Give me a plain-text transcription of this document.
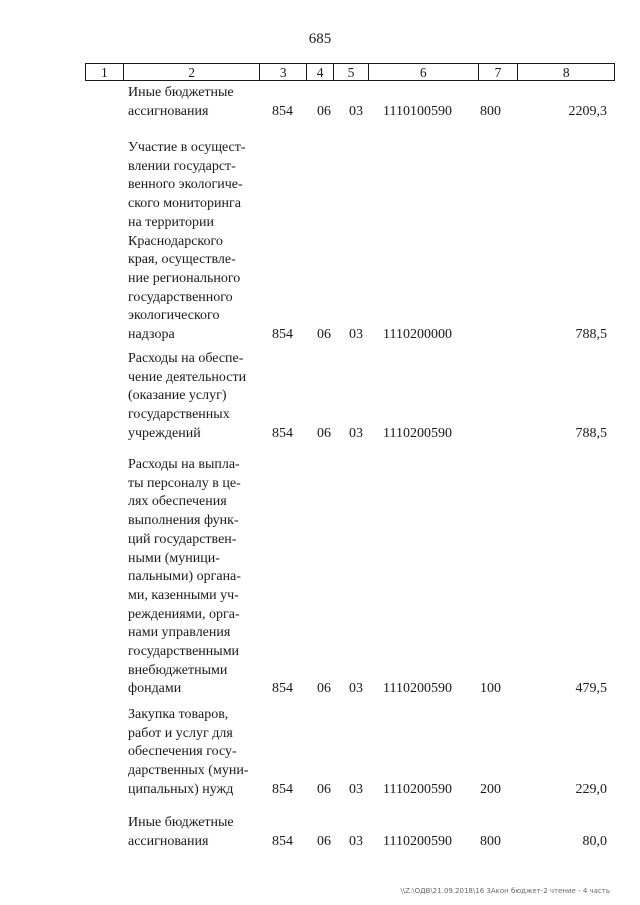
685
1	2	3	4	5	6	7	8
Иные бюджетные
ассигнования	854 06 03 1110100590 800	2209,3
Участие в осущест-
влении государст-
венного экологиче-
ского мониторинга
на территории
Краснодарского
края, осуществле-
ние регионального
государственного
экологического
надзора	854 06 03 1110200000	788,5
Расходы на обеспе-
чение деятельности
(оказание услуг)
государственных
учреждений	854 06 03 1110200590	788,5
Расходы на выпла-
ты персоналу в це-
лях обеспечения
выполнения функ-
ций государствен-
ными (муници-
пальными) органа-
ми, казенными уч-
реждениями, орга-
нами управления
государственными
внебюджетными
фондами	854 06 03 1110200590 100	479,5
Закупка товаров,
работ и услуг для
обеспечения госу-
дарственных (муни-
ципальных) нужд	854 06 03 1110200590 200	229,0
Иные бюджетные
ассигнования	854 06 03 1110200590 800	80,0
\\Z:\ОДВ\21.09.2018\16 ЗАкон бюджет-2 чтение - 4 часть
